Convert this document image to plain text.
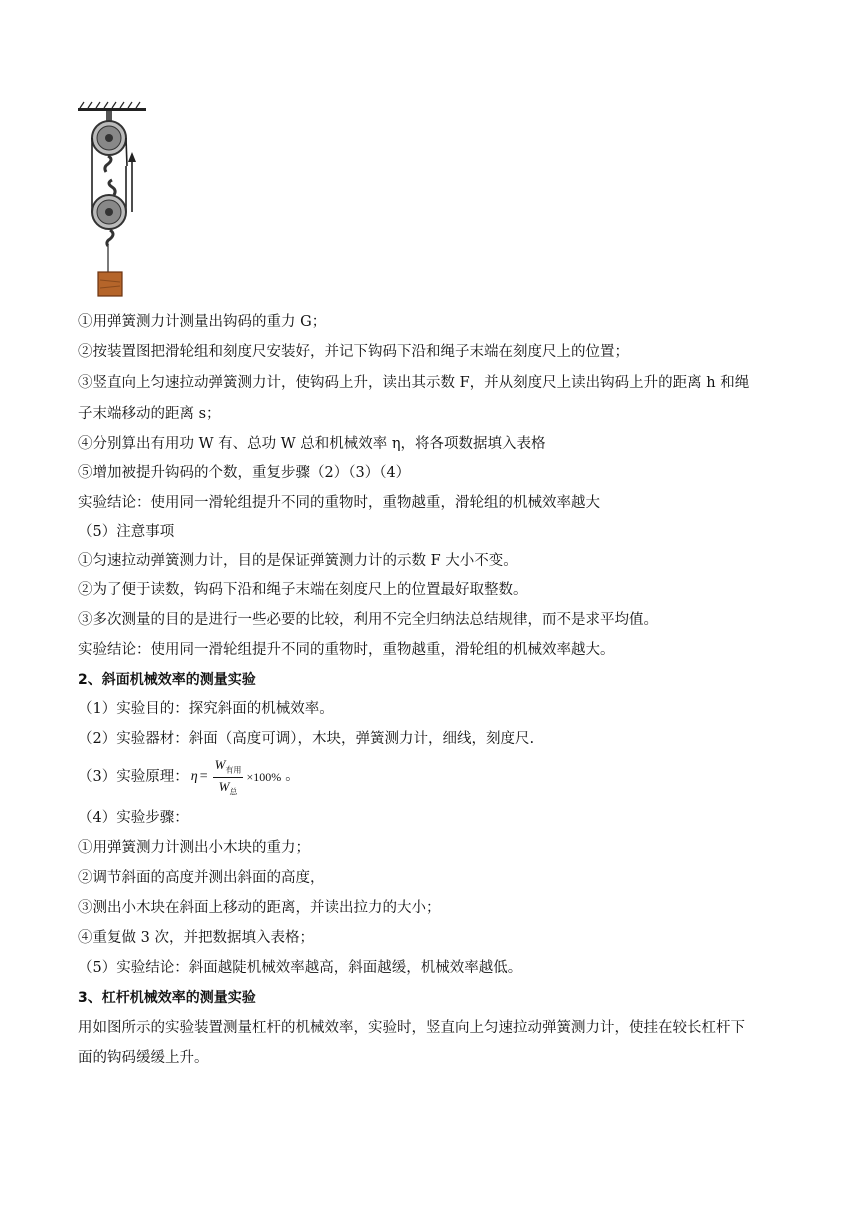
①用弹簧测力计测量出钩码的重力 G；
②按装置图把滑轮组和刻度尺安装好，并记下钩码下沿和绳子末端在刻度尺上的位置；
③竖直向上匀速拉动弹簧测力计，使钩码上升，读出其示数 F，并从刻度尺上读出钩码上升的距离 h 和绳
子末端移动的距离 s；
④分别算出有用功 W 有、总功 W 总和机械效率 η，将各项数据填入表格
⑤增加被提升钩码的个数，重复步骤（2）（3）（4）
实验结论：使用同一滑轮组提升不同的重物时，重物越重，滑轮组的机械效率越大
（5）注意事项
①匀速拉动弹簧测力计，目的是保证弹簧测力计的示数 F 大小不变。
②为了便于读数，钩码下沿和绳子末端在刻度尺上的位置最好取整数。
③多次测量的目的是进行一些必要的比较，利用不完全归纳法总结规律，而不是求平均值。
实验结论：使用同一滑轮组提升不同的重物时，重物越重，滑轮组的机械效率越大。
2、斜面机械效率的测量实验
（1）实验目的：探究斜面的机械效率。
（2）实验器材：斜面（高度可调），木块，弹簧测力计，细线，刻度尺.
（3）实验原理： $\eta = \frac{W_{有用}}{W_总} \times 100\%$ 。
（4）实验步骤：
①用弹簧测力计测出小木块的重力；
②调节斜面的高度并测出斜面的高度，
③测出小木块在斜面上移动的距离，并读出拉力的大小；
④重复做 3 次，并把数据填入表格；
（5）实验结论：斜面越陡机械效率越高，斜面越缓，机械效率越低。
3、杠杆机械效率的测量实验
用如图所示的实验装置测量杠杆的机械效率，实验时，竖直向上匀速拉动弹簧测力计，使挂在较长杠杆下
面的钩码缓缓上升。
